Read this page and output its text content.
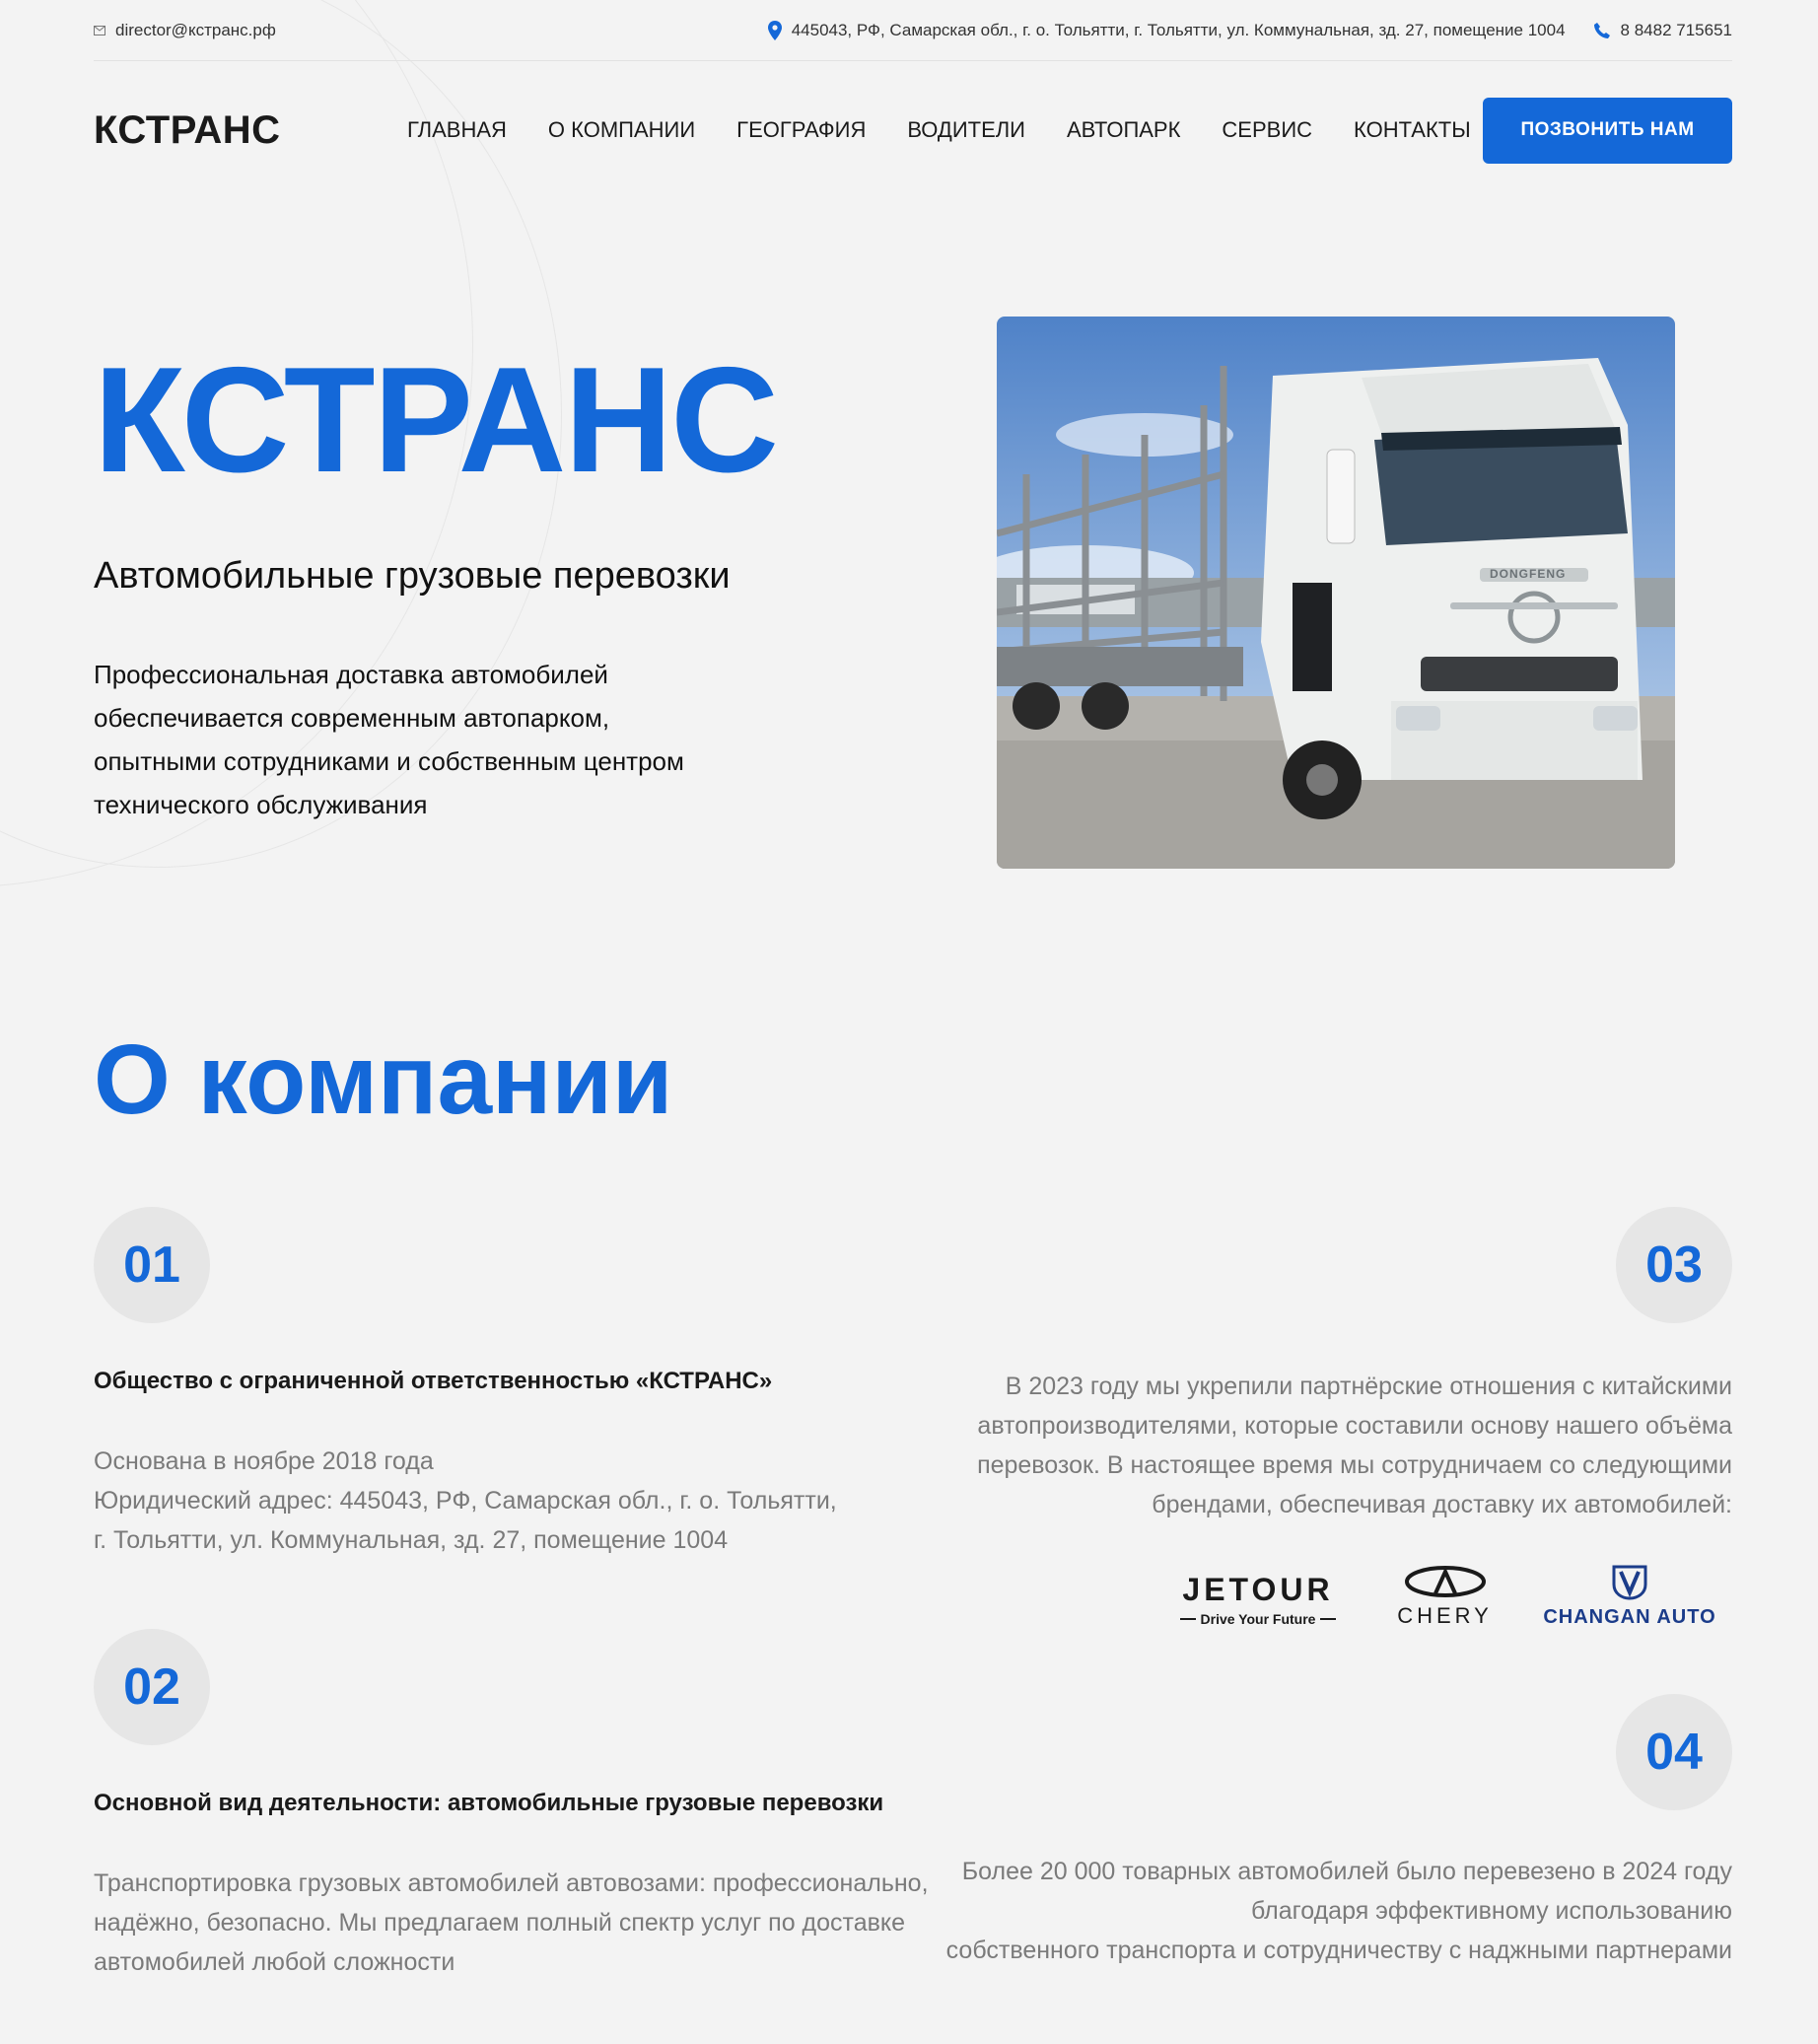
director@кстранс.рф	445043, РФ, Самарская обл., г. о. Тольятти, г. Тольятти, ул. Коммунальная, зд. 27, помещение 1004	8 8482 715651
КСТРАНС	ГЛАВНАЯ О КОМПАНИИ ГЕОГРАФИЯ ВОДИТЕЛИ АВТОПАРК СЕРВИС КОНТАКТЫ	ПОЗВОНИТЬ НАМ
КСТРАНС
Автомобильные грузовые перевозки
Профессиональная доставка автомобилей обеспечивается современным автопарком, опытными сотрудниками и собственным центром технического обслуживания
DONGFENG
О компании
01
Общество с ограниченной ответственностью «КСТРАНС»
Основана в ноябре 2018 года
Юридический адрес: 445043, РФ, Самарская обл., г. о. Тольятти,
г. Тольятти, ул. Коммунальная, зд. 27, помещение 1004
02
Основной вид деятельности: автомобильные грузовые перевозки
Транспортировка грузовых автомобилей автовозами: профессионально,
надёжно, безопасно. Мы предлагаем полный спектр услуг по доставке
автомобилей любой сложности
03
В 2023 году мы укрепили партнёрские отношения с китайскими
автопроизводителями, которые составили основу нашего объёма
перевозок. В настоящее время мы сотрудничаем со следующими
брендами, обеспечивая доставку их автомобилей:
JETOUR
Drive Your Future	CHERY	CHANGAN AUTO
04
Более 20 000 товарных автомобилей было перевезено в 2024 году
благодаря эффективному использованию
собственного транспорта и сотрудничеству с наджными партнерами
